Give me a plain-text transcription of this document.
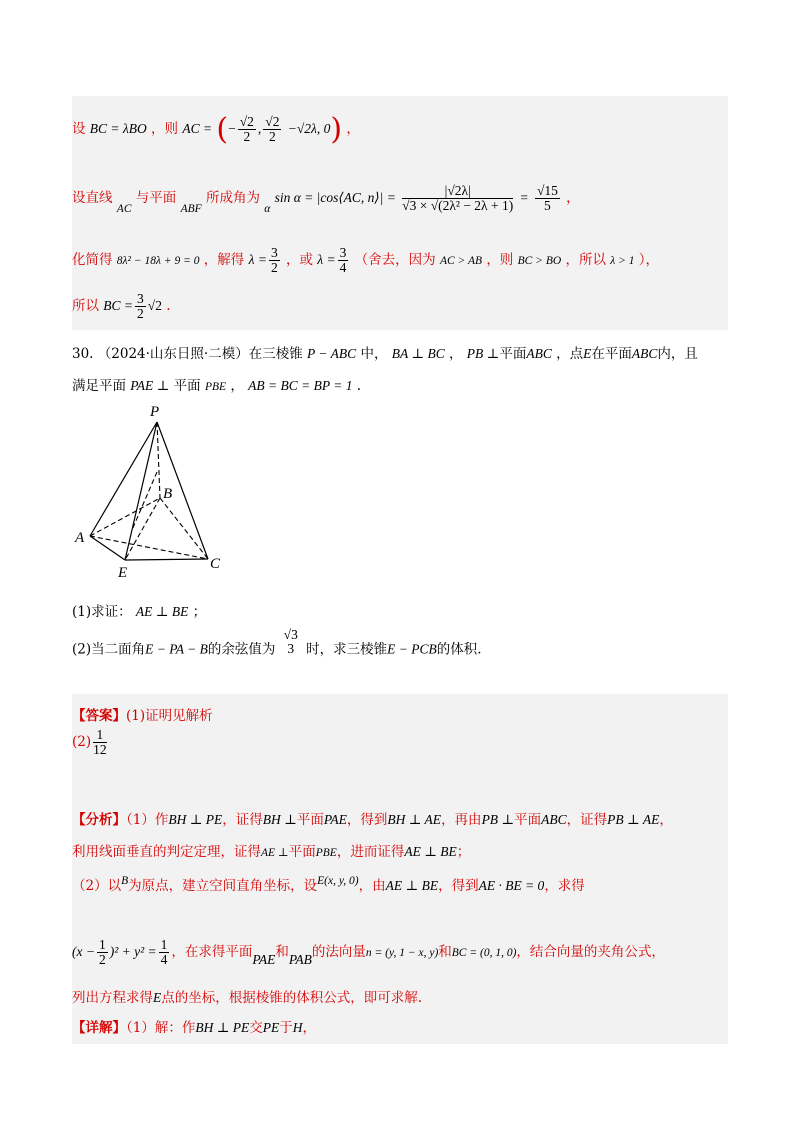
设 BC = λBO ，则 AC = (− $\frac{√2}{2}$ , $\frac{√2}{2} -√2\lambda$, 0) ，
设直线 AC 与平面 ABF 所成角为 α sin α = |cos⟨AC, n⟩| = $\frac{|√2\lambda|}{\text{√3 × √(2λ² − 2λ + 1)}} = \frac{√15}{5}$ ，
化简得 8λ² − 18λ + 9 = 0 ，解得 $\lambda = \frac{3}{2}$ ，或 $\lambda = \frac{3}{4}$ （舍去，因为 AC > AB ，则 BC > BO ，所以 λ > 1 ），
所以 BC = $\frac{3}{2} √2$ .
30. （2024·山东日照·二模）在三棱锥 P − ABC 中， BA ⊥ BC ， PB ⊥平面ABC ，点E在平面ABC内，且
满足平面 PAE ⊥ 平面 PBE ， AB = BC = BP = 1 .
P
B
A
E
C
(1)求证： AE ⊥ BE ；
(2)当二面角E − PA − B的余弦值为
√3
3 时，求三棱锥E − PCB的体积.
【答案】(1)证明见解析
$(2) \frac{1}{12}$
【分析】（1）作BH ⊥ PE，证得BH ⊥平面PAE，得到BH ⊥ AE，再由PB ⊥平面ABC，证得PB ⊥ AE，
利用线面垂直的判定定理，证得AE ⊥平面PBE，进而证得AE ⊥ BE；
（2）以B为原点，建立空间直角坐标，设E(x, y, 0)，由AE ⊥ BE，得到AE · BE = 0，求得
$(x - \frac{1}{2} )^2 + y^2 = \frac{1}{4}$ ，在求得平面PAE和PAB的法向量n = (y, 1 − x, y)和BC = (0, 1, 0)，结合向量的夹角公式，
列出方程求得E点的坐标，根据棱锥的体积公式，即可求解.
【详解】（1）解：作BH ⊥ PE交PE于H，
